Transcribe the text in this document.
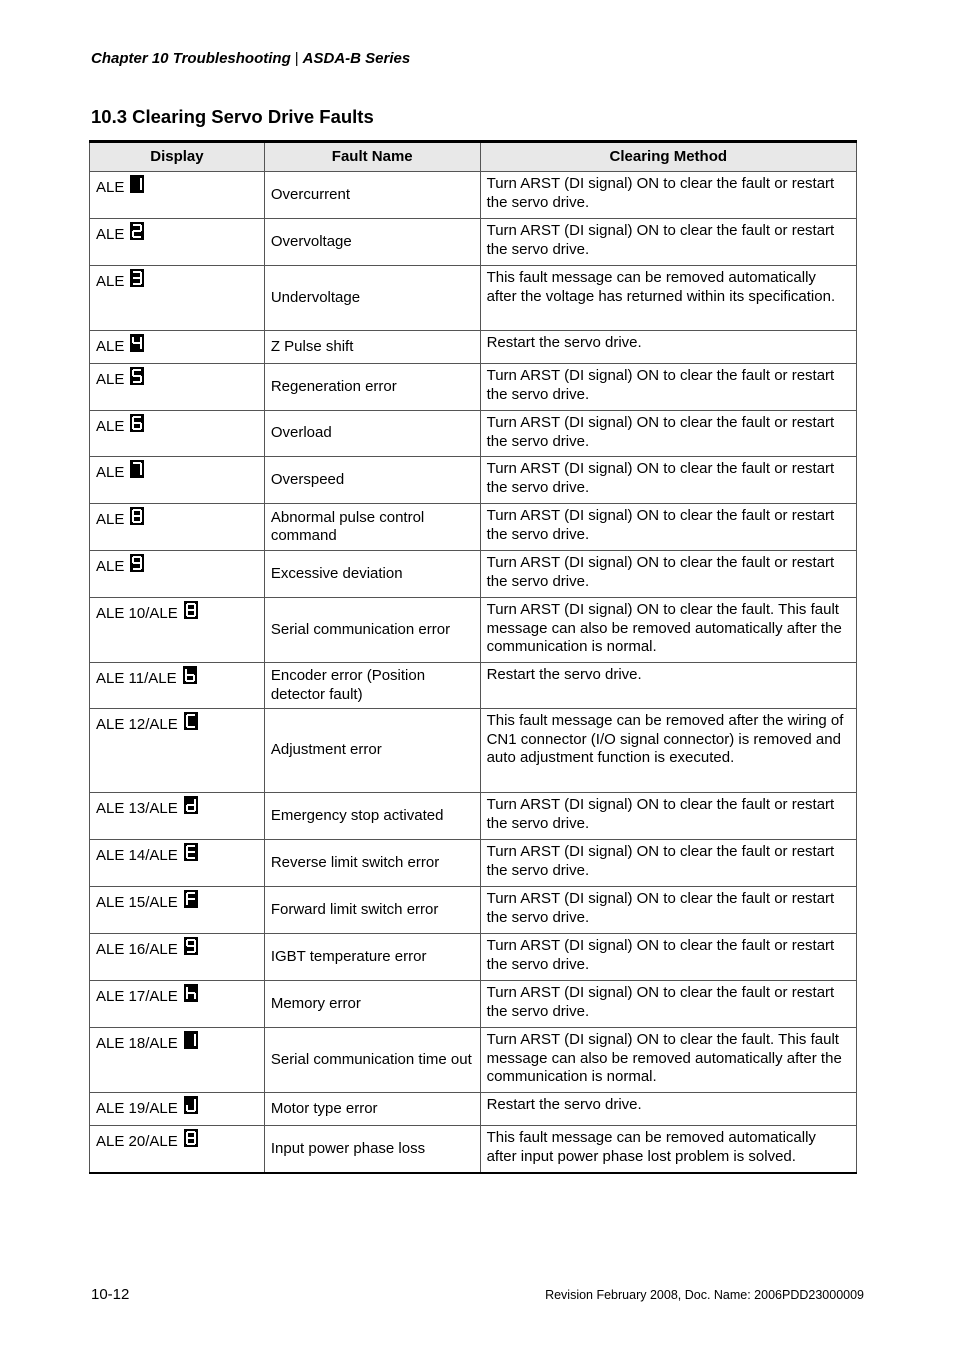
Chapter 10 Troubleshooting | ASDA-B Series
10.3 Clearing Servo Drive Faults
Display	Fault Name	Clearing Method

ALE	Overcurrent	Turn ARST (DI signal) ON to clear the fault or restart the servo drive.

ALE	Overvoltage	Turn ARST (DI signal) ON to clear the fault or restart the servo drive.

ALE	Undervoltage	This fault message can be removed automatically after the voltage has returned within its specification.

ALE	Z Pulse shift	Restart the servo drive.

ALE	Regeneration error	Turn ARST (DI signal) ON to clear the fault or restart the servo drive.

ALE	Overload	Turn ARST (DI signal) ON to clear the fault or restart the servo drive.

ALE	Overspeed	Turn ARST (DI signal) ON to clear the fault or restart the servo drive.

ALE	Abnormal pulse control command	Turn ARST (DI signal) ON to clear the fault or restart the servo drive.

ALE	Excessive deviation	Turn ARST (DI signal) ON to clear the fault or restart the servo drive.

ALE 10/ALE	Serial communication error	Turn ARST (DI signal) ON to clear the fault. This fault message can also be removed automatically after the communication is normal.

ALE 11/ALE	Encoder error (Position detector fault)	Restart the servo drive.

ALE 12/ALE	Adjustment error	This fault message can be removed after the wiring of CN1 connector (I/O signal connector) is removed and auto adjustment function is executed.

ALE 13/ALE	Emergency stop activated	Turn ARST (DI signal) ON to clear the fault or restart the servo drive.

ALE 14/ALE	Reverse limit switch error	Turn ARST (DI signal) ON to clear the fault or restart the servo drive.

ALE 15/ALE	Forward limit switch error	Turn ARST (DI signal) ON to clear the fault or restart the servo drive.

ALE 16/ALE	IGBT temperature error	Turn ARST (DI signal) ON to clear the fault or restart the servo drive.

ALE 17/ALE	Memory error	Turn ARST (DI signal) ON to clear the fault or restart the servo drive.

ALE 18/ALE	Serial communication time out	Turn ARST (DI signal) ON to clear the fault. This fault message can also be removed automatically after the communication is normal.

ALE 19/ALE	Motor type error	Restart the servo drive.

ALE 20/ALE	Input power phase loss	This fault message can be removed automatically after input power phase lost problem is solved.
10-12	Revision February 2008, Doc. Name: 2006PDD23000009
